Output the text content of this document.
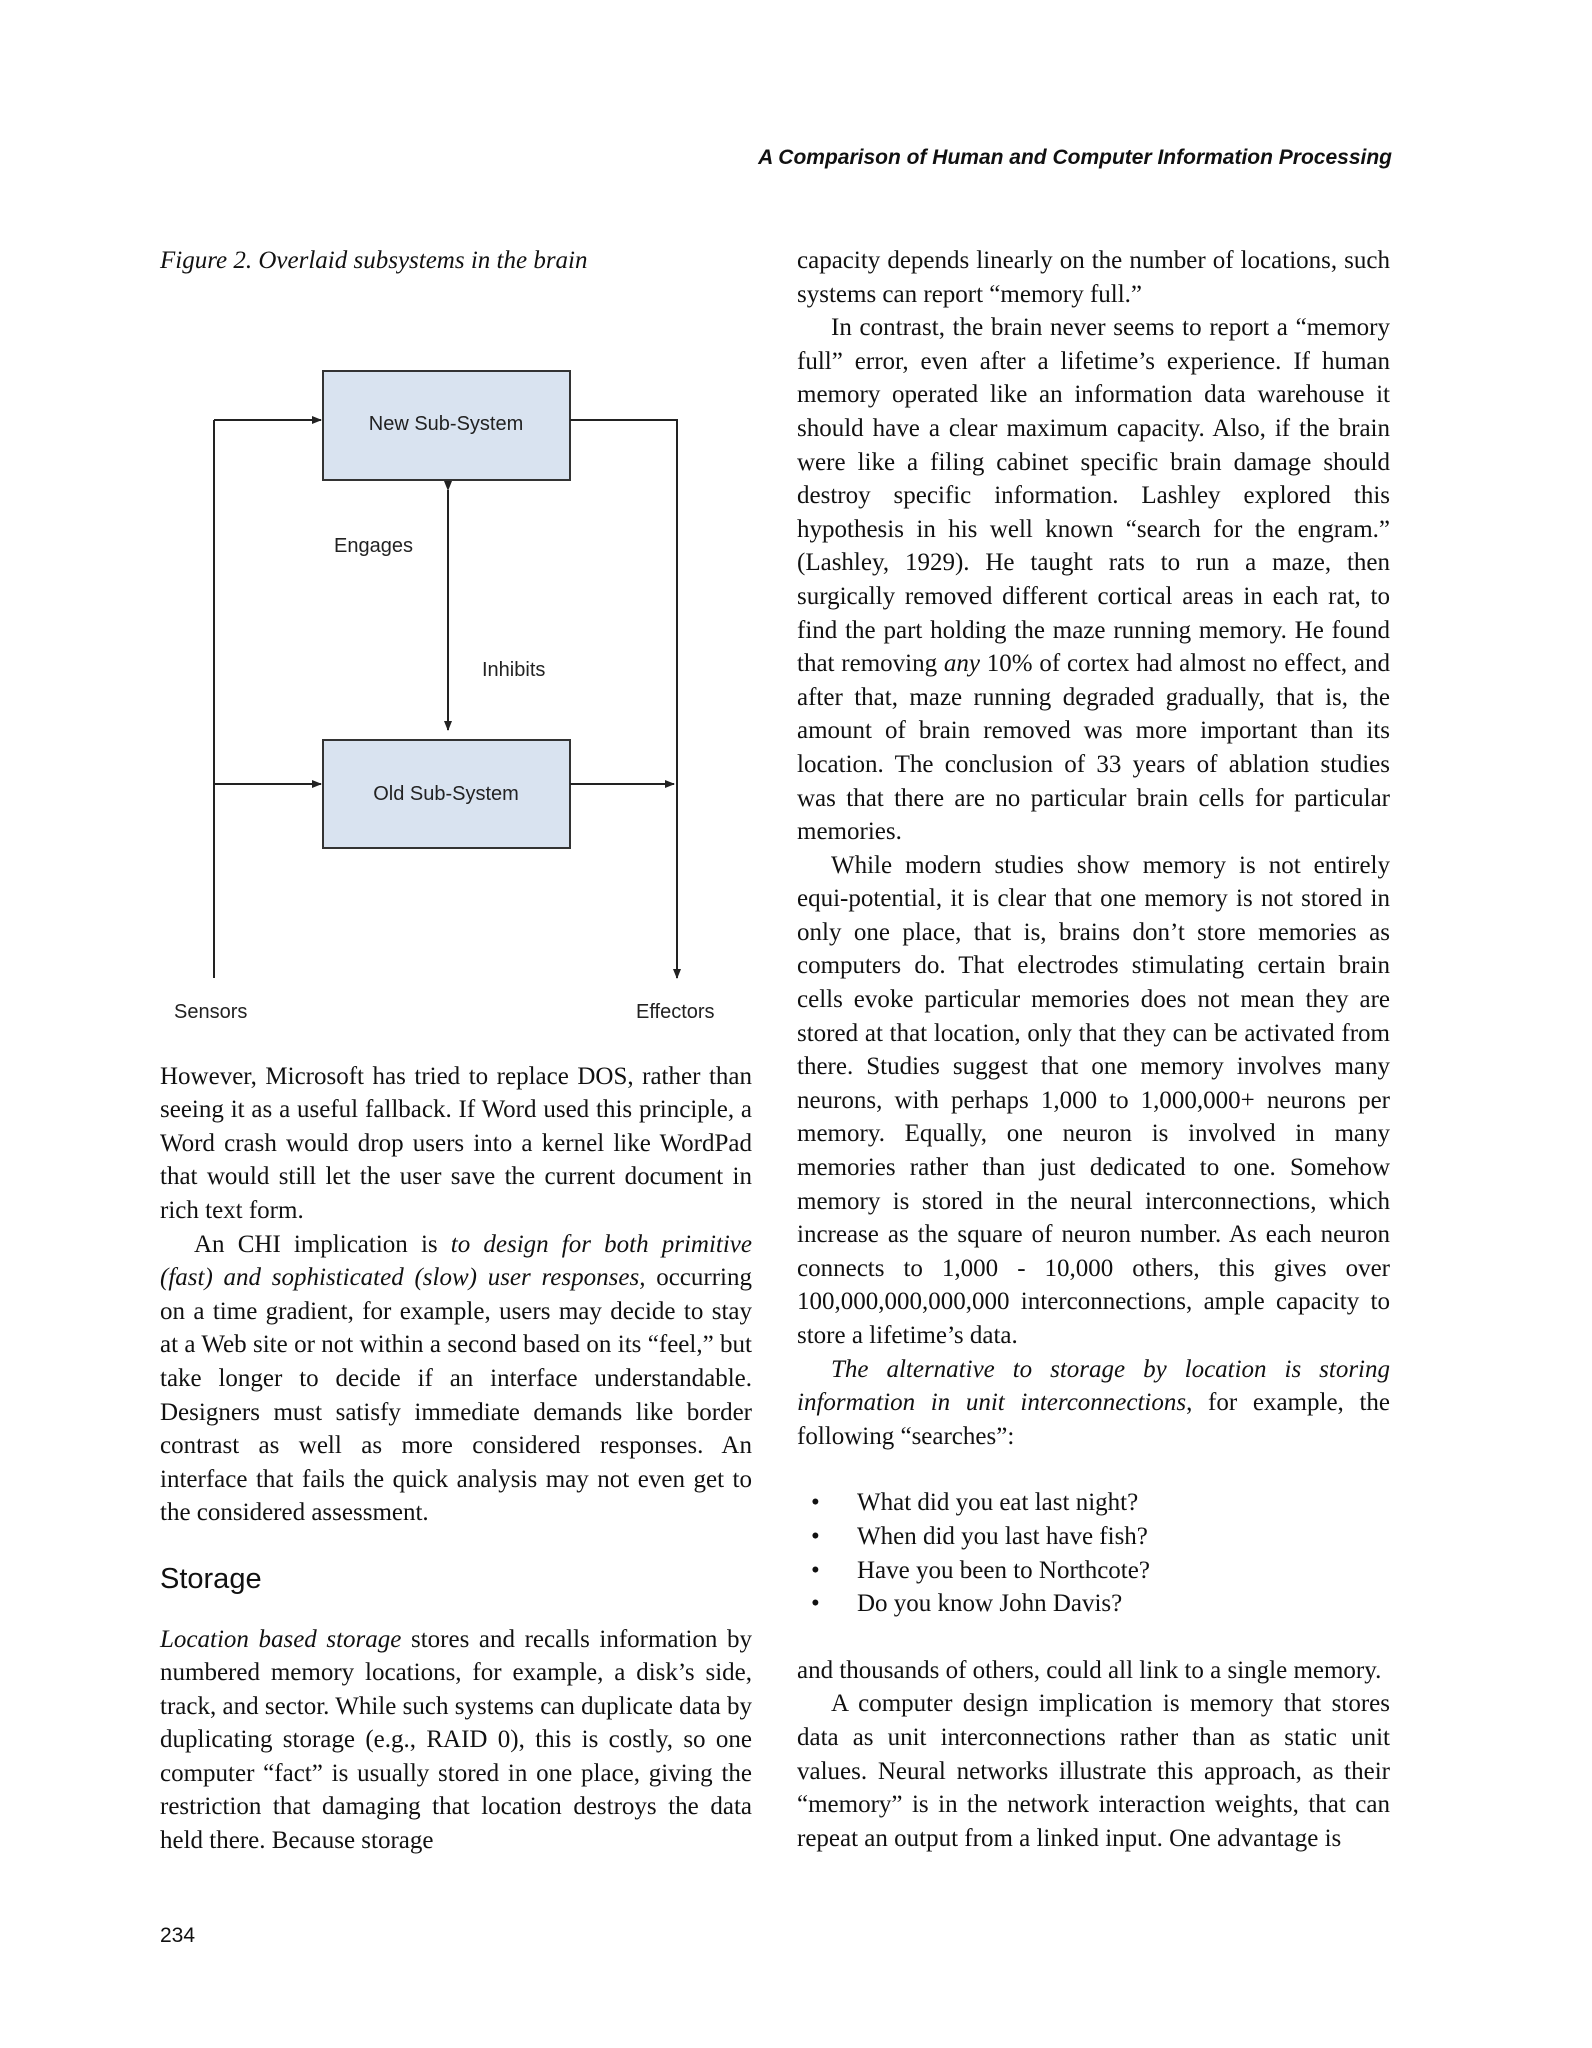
A Comparison of Human and Computer Information Processing

Figure 2. Overlaid subsystems in the brain

New Sub-System
Old Sub-System
Engages
Inhibits
Sensors	Effectors

However, Microsoft has tried to replace DOS, rather than seeing it as a useful fallback. If Word used this principle, a Word crash would drop users into a kernel like WordPad that would still let the user save the current document in rich text form.

An CHI implication is to design for both primitive (fast) and sophisticated (slow) user responses, occurring on a time gradient, for example, users may decide to stay at a Web site or not within a second based on its “feel,” but take longer to decide if an interface understandable. Designers must satisfy immediate demands like border contrast as well as more considered responses. An interface that fails the quick analysis may not even get to the considered assessment.

Storage

Location based storage stores and recalls information by numbered memory locations, for example, a disk’s side, track, and sector. While such systems can duplicate data by duplicating storage (e.g., RAID 0), this is costly, so one computer “fact” is usually stored in one place, giving the restriction that damaging that location destroys the data held there. Because storage

capacity depends linearly on the number of locations, such systems can report “memory full.”

In contrast, the brain never seems to report a “memory full” error, even after a lifetime’s experience. If human memory operated like an information data warehouse it should have a clear maximum capacity. Also, if the brain were like a filing cabinet specific brain damage should destroy specific information. Lashley explored this hypothesis in his well known “search for the engram.” (Lashley, 1929). He taught rats to run a maze, then surgically removed different cortical areas in each rat, to find the part holding the maze running memory. He found that removing any 10% of cortex had almost no effect, and after that, maze running degraded gradually, that is, the amount of brain removed was more important than its location. The conclusion of 33 years of ablation studies was that there are no particular brain cells for particular memories.

While modern studies show memory is not entirely equi-potential, it is clear that one memory is not stored in only one place, that is, brains don’t store memories as computers do. That electrodes stimulating certain brain cells evoke particular memories does not mean they are stored at that location, only that they can be activated from there. Studies suggest that one memory involves many neurons, with perhaps 1,000 to 1,000,000+ neurons per memory. Equally, one neuron is involved in many memories rather than just dedicated to one. Somehow memory is stored in the neural interconnections, which increase as the square of neuron number. As each neuron connects to 1,000 - 10,000 others, this gives over 100,000,000,000,000 interconnections, ample capacity to store a lifetime’s data.

The alternative to storage by location is storing information in unit interconnections, for example, the following “searches”:

• What did you eat last night?
• When did you last have fish?
• Have you been to Northcote?
• Do you know John Davis?

and thousands of others, could all link to a single memory.

A computer design implication is memory that stores data as unit interconnections rather than as static unit values. Neural networks illustrate this approach, as their “memory” is in the network interaction weights, that can repeat an output from a linked input. One advantage is

234
